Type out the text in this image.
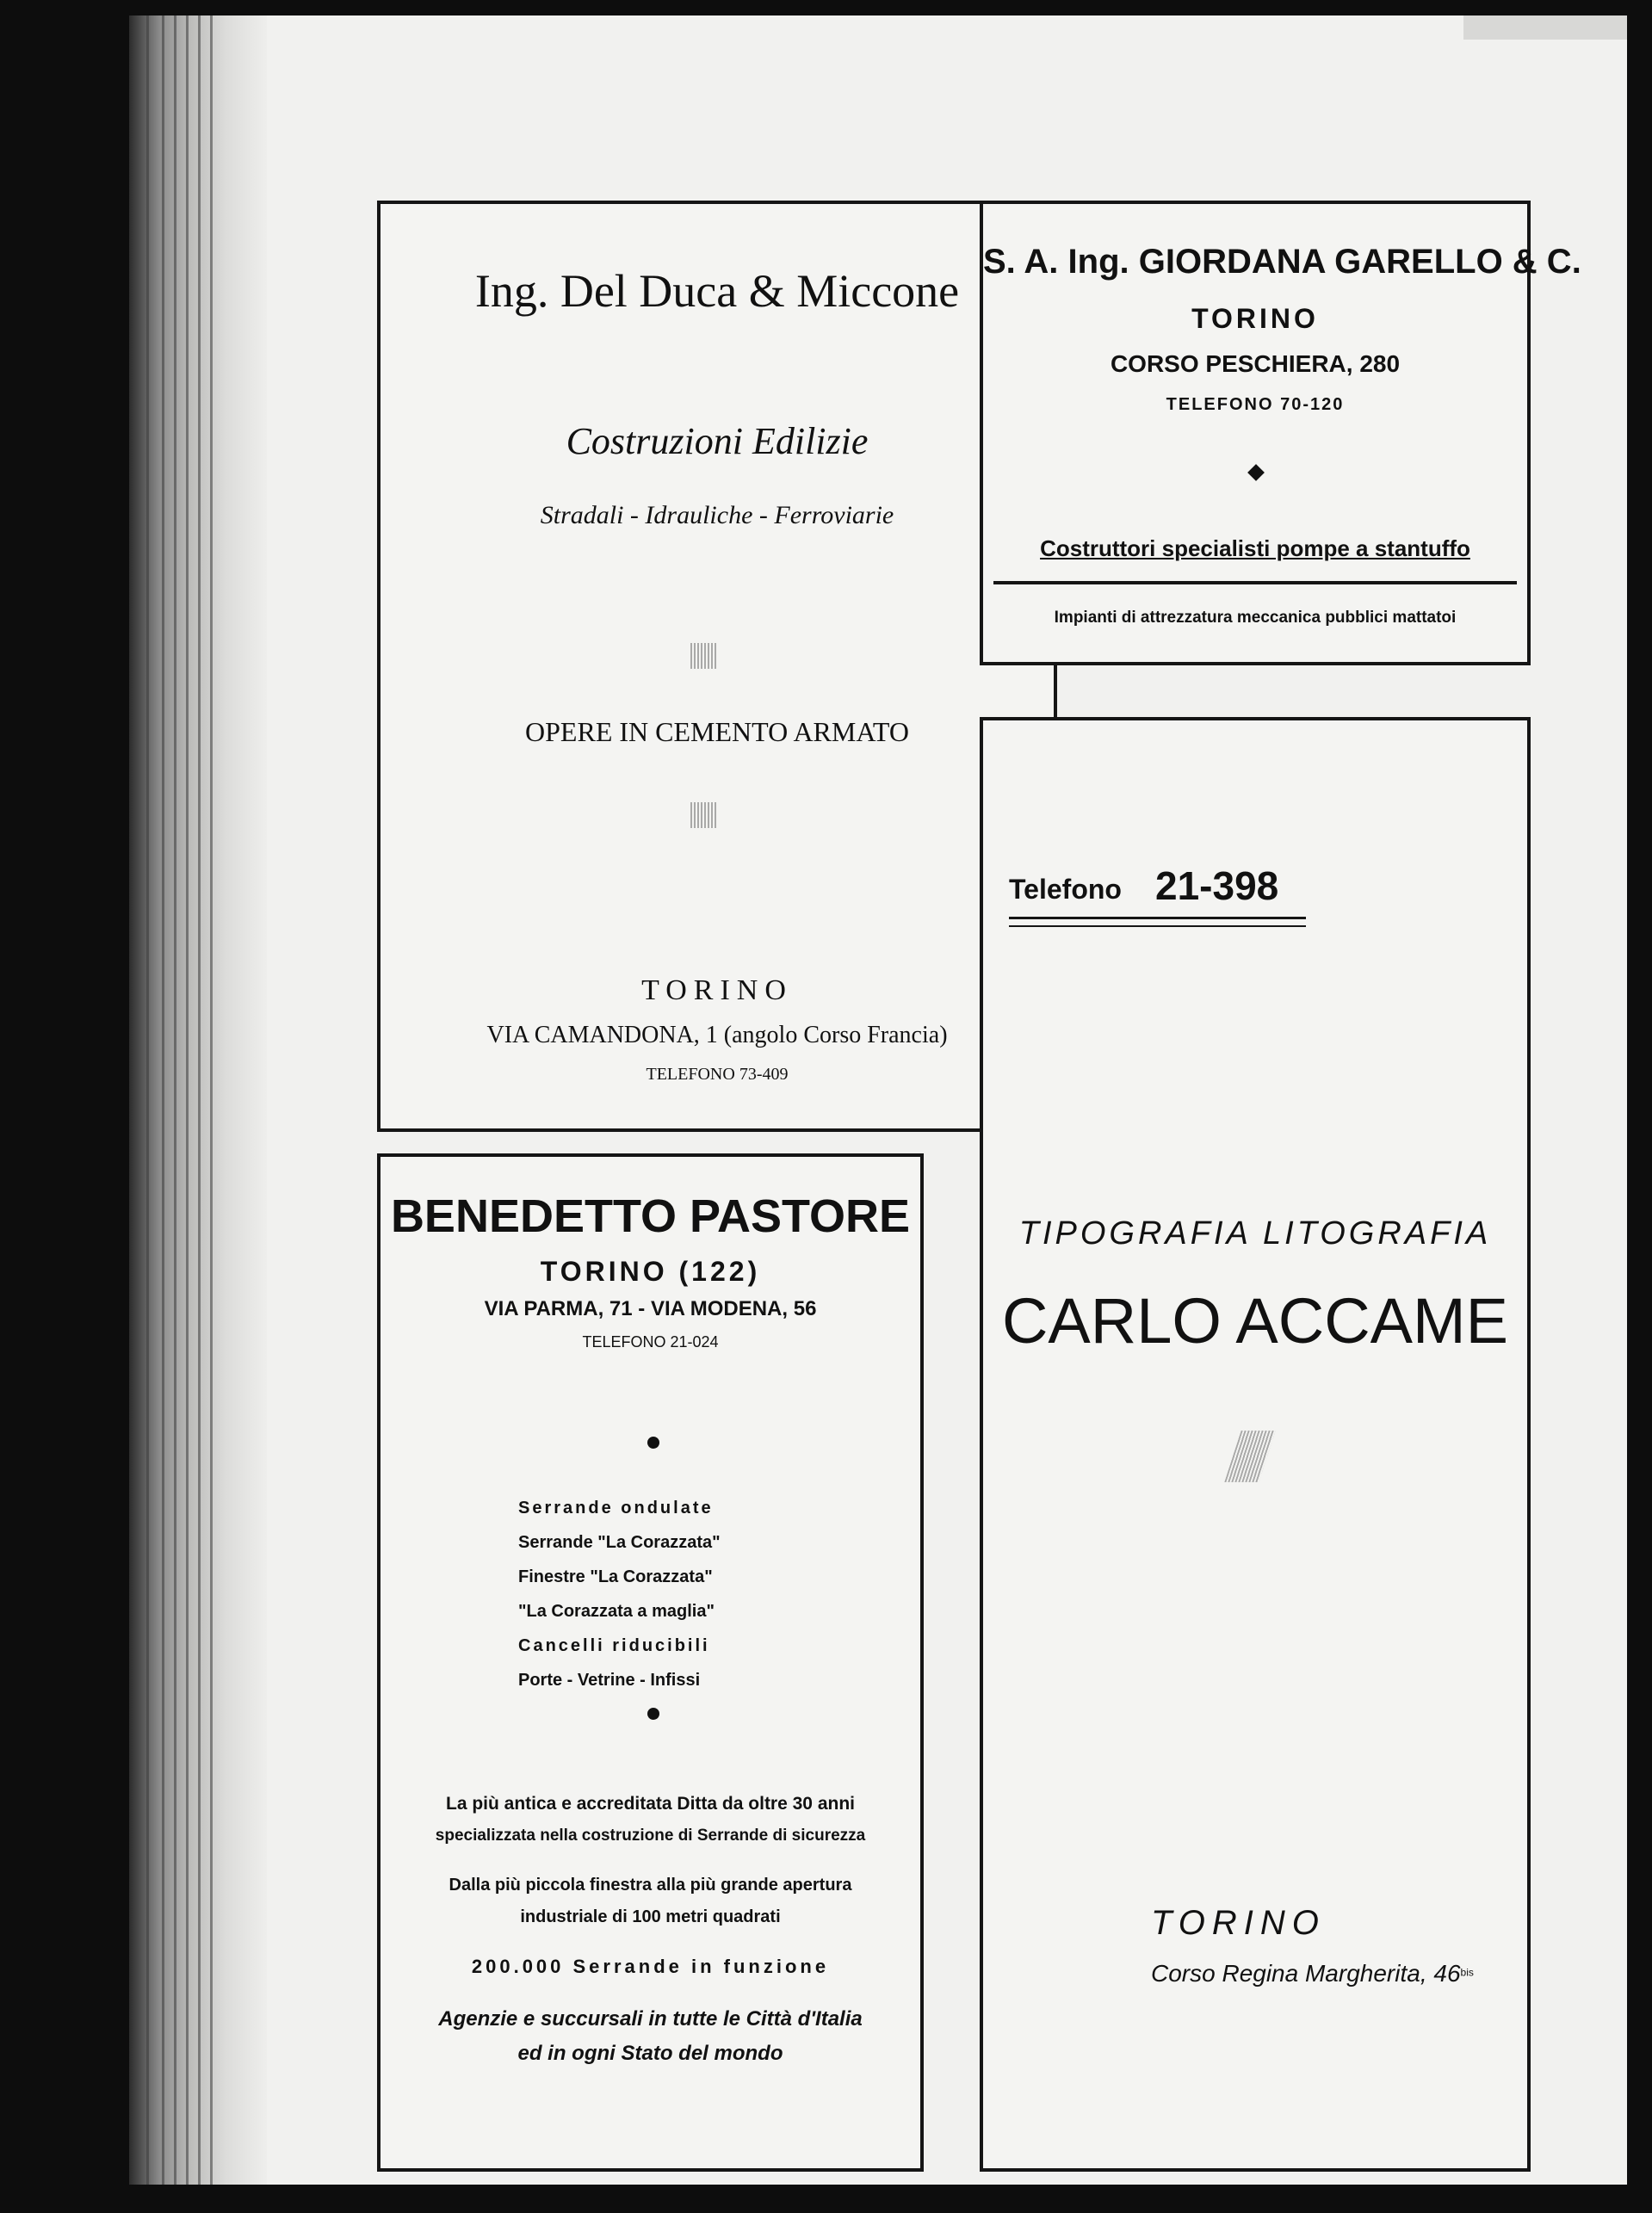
Ing. Del Duca & Miccone
Costruzioni Edilizie
Stradali - Idrauliche - Ferroviarie
OPERE IN CEMENTO ARMATO
TORINO
VIA CAMANDONA, 1 (angolo Corso Francia)
TELEFONO 73-409
S. A. Ing. GIORDANA GARELLO & C.
TORINO
CORSO PESCHIERA, 280
TELEFONO 70-120
Costruttori specialisti pompe a stantuffo
Impianti di attrezzatura meccanica pubblici mattatoi
Telefono 21-398
TIPOGRAFIA LITOGRAFIA
CARLO ACCAME
TORINO
Corso Regina Margherita, $46^{bis}$
BENEDETTO PASTORE
TORINO (122)
VIA PARMA, 71 - VIA MODENA, 56
TELEFONO 21-024
Serrande ondulate
Serrande "La Corazzata"
Finestre "La Corazzata"
"La Corazzata a maglia"
Cancelli riducibili
Porte - Vetrine - Infissi
La più antica e accreditata Ditta da oltre 30 anni
specializzata nella costruzione di Serrande di sicurezza
Dalla più piccola finestra alla più grande apertura
industriale di 100 metri quadrati
200.000 Serrande in funzione
Agenzie e succursali in tutte le Città d'Italia
ed in ogni Stato del mondo
